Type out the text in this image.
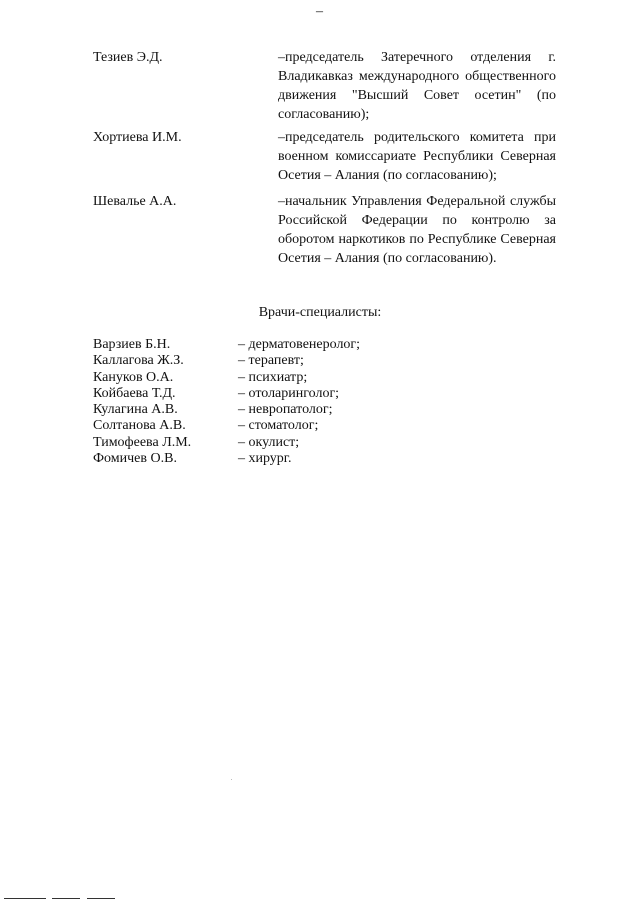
–
Тезиев Э.Д.	–председатель Затеречного отделения г. Владикавказ международного общественного движения "Высший Совет осетин" (по согласованию);
Хортиева И.М.	–председатель родительского комитета при военном комиссариате Республики Северная Осетия – Алания (по согласованию);
Шевалье А.А.	–начальник Управления Федеральной службы Российской Федерации по контролю за оборотом наркотиков по Республике Северная Осетия – Алания (по согласованию).
Врачи-специалисты:
Варзиев Б.Н.	– дерматовенеролог;
Каллагова Ж.З.	– терапевт;
Кануков О.А.	– психиатр;
Койбаева Т.Д.	– отоларинголог;
Кулагина А.В.	– невропатолог;
Солтанова А.В.	– стоматолог;
Тимофеева Л.М.	– окулист;
Фомичев О.В.	– хирург.
